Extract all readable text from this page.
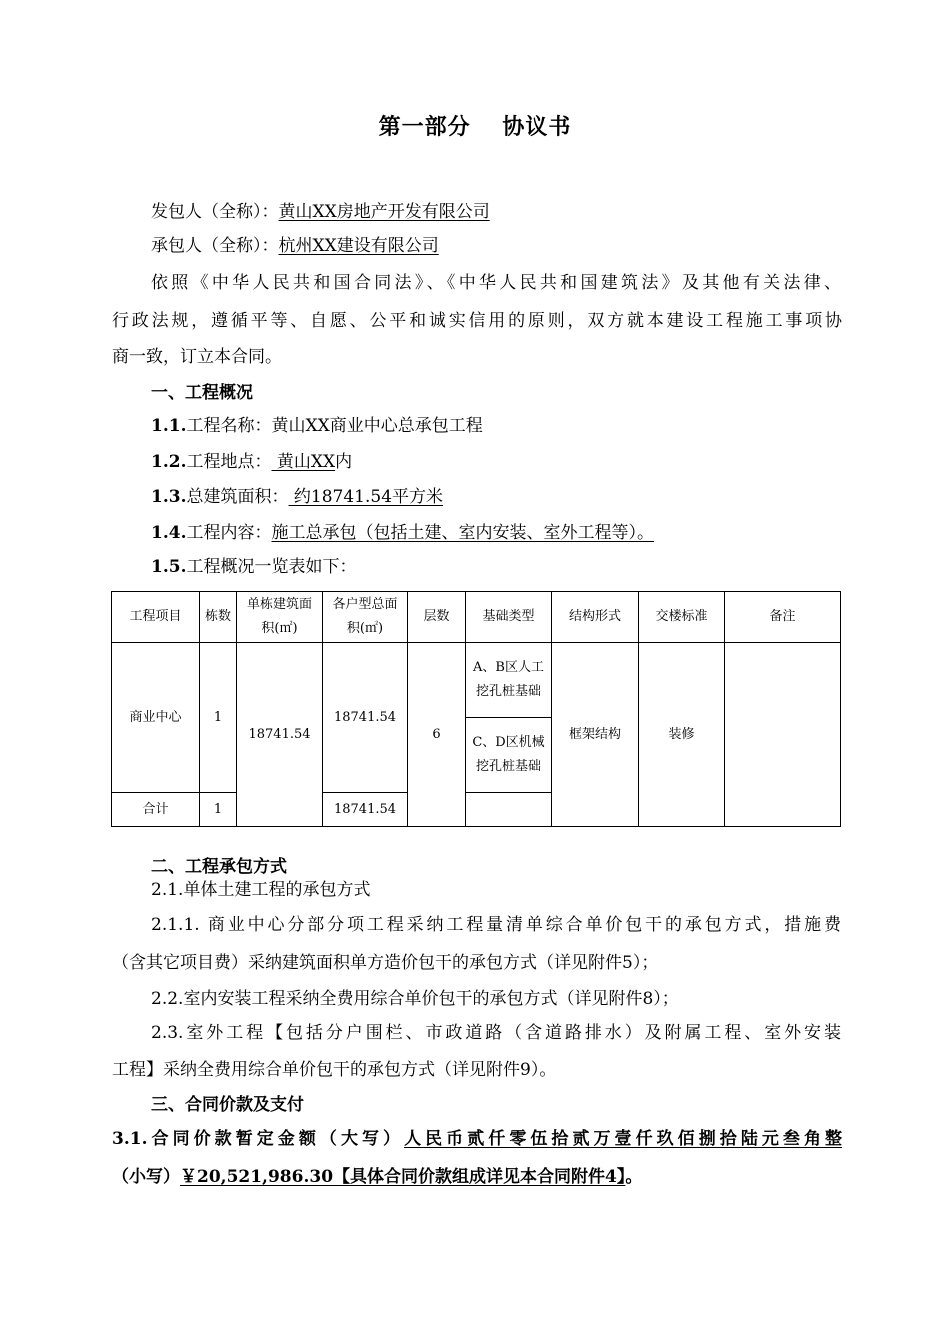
第一部分　 协议书
发包人（全称）：黄山XX房地产开发有限公司
承包人（全称）：杭州XX建设有限公司
依照《中华人民共和国合同法》、《中华人民共和国建筑法》及其他有关法律、
行政法规，遵循平等、自愿、公平和诚实信用的原则，双方就本建设工程施工事项协
商一致，订立本合同。
一、工程概况
1.1.工程名称：黄山XX商业中心总承包工程
1.2.工程地点： 黄山XX内
1.3.总建筑面积： 约18741.54平方米
1.4.工程内容：施工总承包（包括土建、室内安装、室外工程等）。
1.5.工程概况一览表如下：
工程项目	栋数	单栋建筑面积(㎡)	各户型总面积(㎡)	层数	基础类型	结构形式	交楼标准	备注
商业中心	1	18741.54	18741.54	6	A、B区人工挖孔桩基础	框架结构	装修	
					C、D区机械挖孔桩基础			
合计	1		18741.54					
二、工程承包方式
2.1.单体土建工程的承包方式
2.1.1. 商业中心分部分项工程采纳工程量清单综合单价包干的承包方式，措施费
（含其它项目费）采纳建筑面积单方造价包干的承包方式（详见附件5）；
2.2.室内安装工程采纳全费用综合单价包干的承包方式（详见附件8）；
2.3.室外工程【包括分户围栏、市政道路（含道路排水）及附属工程、室外安装
工程】采纳全费用综合单价包干的承包方式（详见附件9）。
三、合同价款及支付
3.1.合同价款暂定金额（大写）人民币贰仟零伍拾贰万壹仟玖佰捌拾陆元叁角整
（小写）￥20,521,986.30【具体合同价款组成详见本合同附件4】。
